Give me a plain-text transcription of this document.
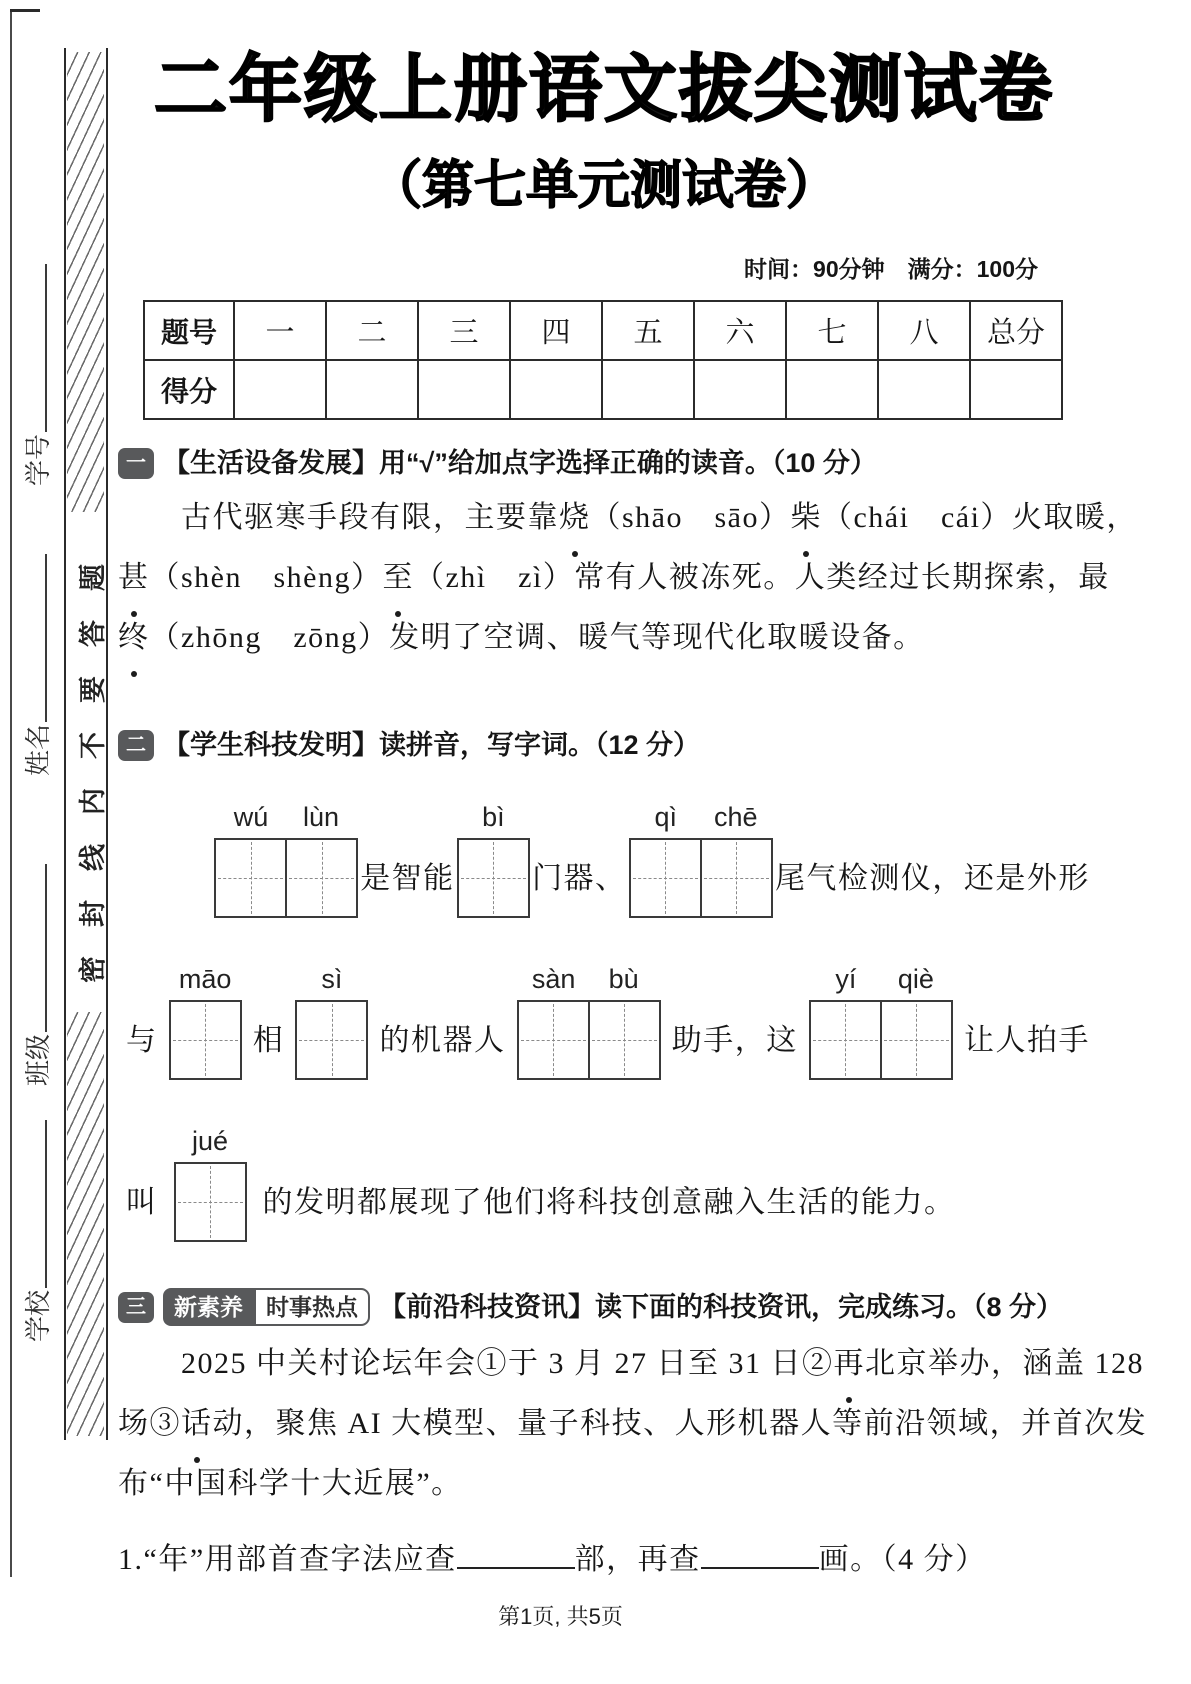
密封线内不要答题
学号
姓名
班级
学校
二年级上册语文拔尖测试卷
（第七单元测试卷）
时间：90分钟　满分：100分
题号	一	二	三	四	五	六	七	八	总分
得分									
一 【生活设备发展】用“√”给加点字选择正确的读音。（10 分）
　　古代驱寒手段有限，主要靠烧
（shāo　sāo）柴
（chái　cái）火取暖，
甚
（shèn　shèng）至
（zhì　zì）常有人被冻死。人类经过长期探索，最
终
（zhōng　zōng）发明了空调、暖气等现代化取暖设备。
二 【学生科技发明】读拼音，写字词。（12 分）
wú	lùn
是智能
bì
门器、
qì	chē
尾气检测仪，还是外形
与
māo
相
sì
的机器人
sàn	bù
助手，这
yí	qiè
让人拍手
叫
jué
的发明都展现了他们将科技创意融入生活的能力。
三	新素养	时事热点 【前沿科技资讯】读下面的科技资讯，完成练习。（8 分）
　　2025 中关村论坛年会①于 3 月 27 日至 31 日②再
北京举办，涵盖 128
场③话
动，聚焦 AI 大模型、量子科技、人形机器人等前沿领域，并首次发
布“中国科学十大近展”。
1.“年”用部首查字法应查	部，再查	画。（4 分）
第1页, 共5页
